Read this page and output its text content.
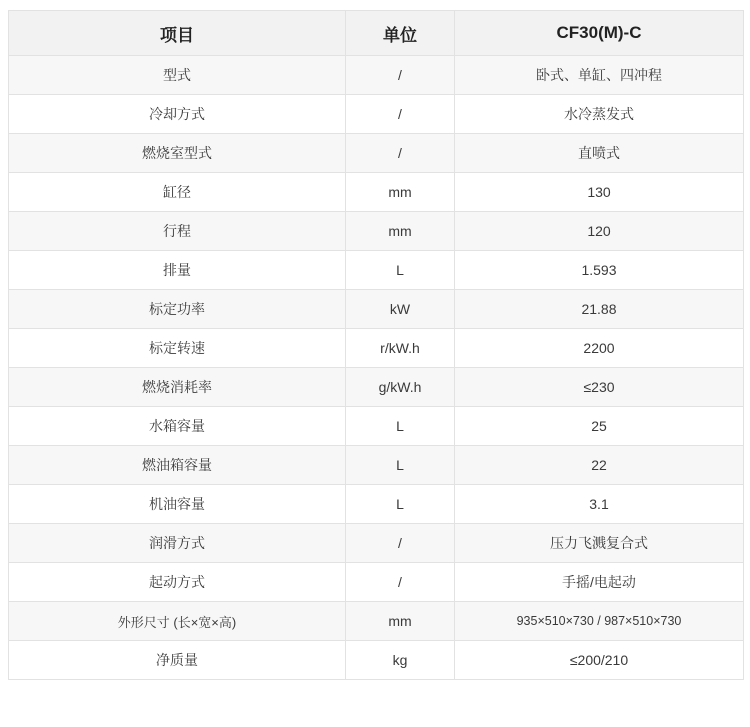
项目	单位	CF30(M)-C
型式	/	卧式、单缸、四冲程
冷却方式	/	水冷蒸发式
燃烧室型式	/	直喷式
缸径	mm	130
行程	mm	120
排量	L	1.593
标定功率	kW	21.88
标定转速	r/kW.h	2200
燃烧消耗率	g/kW.h	≤230
水箱容量	L	25
燃油箱容量	L	22
机油容量	L	3.1
润滑方式	/	压力飞溅复合式
起动方式	/	手摇/电起动
外形尺寸 (长×宽×高)	mm	935×510×730 / 987×510×730
净质量	kg	≤200/210
